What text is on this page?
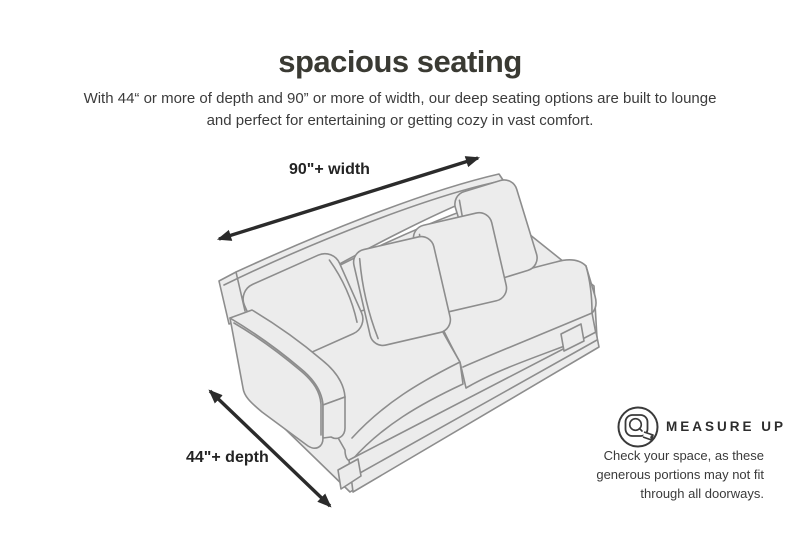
spacious seating
With 44“ or more of depth and 90” or more of width, our deep seating options are built to lounge
and perfect for entertaining or getting cozy in vast comfort.
90"+ width
44"+ depth
MEASURE UP
Check your space, as these
generous portions may not fit
through all doorways.
